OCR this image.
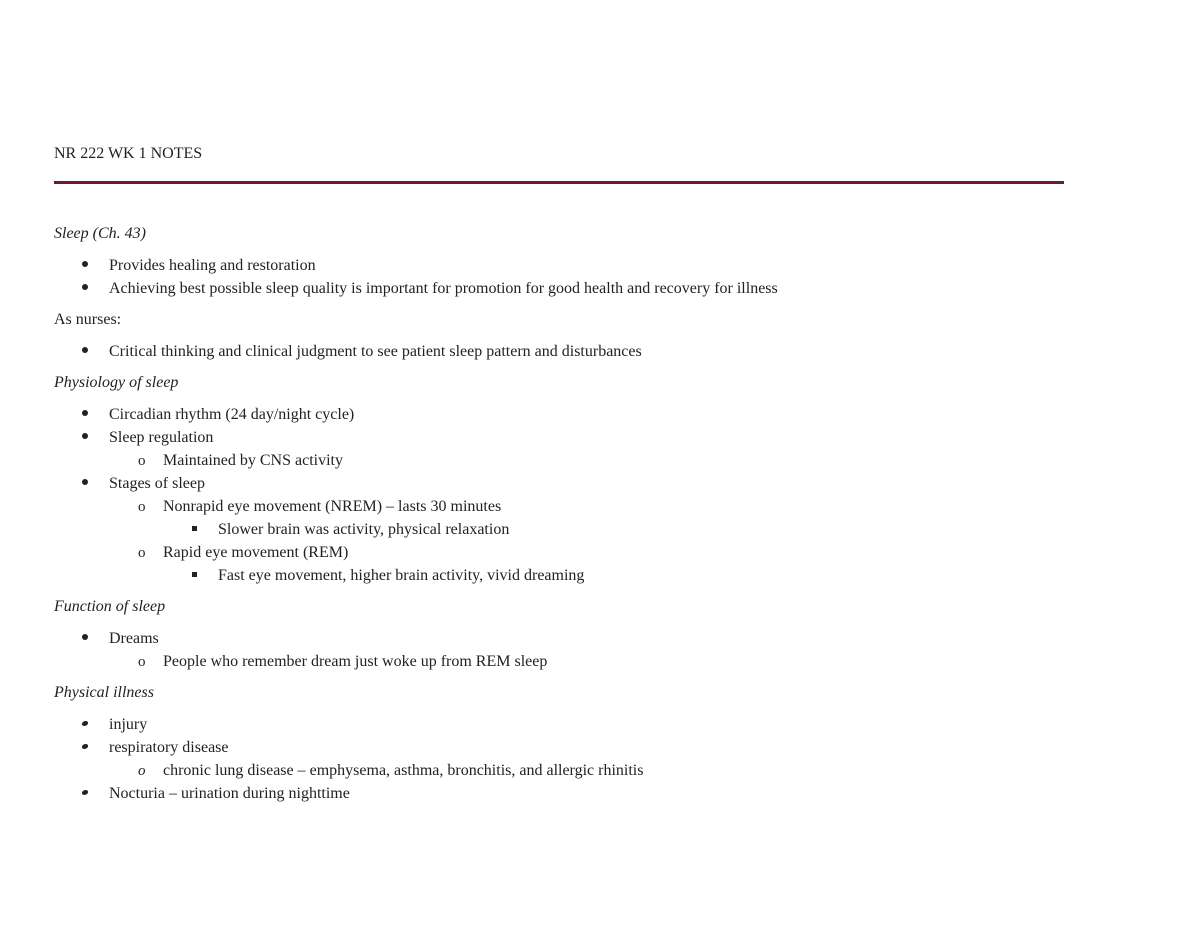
NR 222 WK 1 NOTES

Sleep (Ch. 43)

Provides healing and restoration
Achieving best possible sleep quality is important for promotion for good health and recovery for illness

As nurses:

Critical thinking and clinical judgment to see patient sleep pattern and disturbances

Physiology of sleep

Circadian rhythm (24 day/night cycle)
Sleep regulation
o Maintained by CNS activity
Stages of sleep
o Nonrapid eye movement (NREM) – lasts 30 minutes
Slower brain was activity, physical relaxation
o Rapid eye movement (REM)
Fast eye movement, higher brain activity, vivid dreaming

Function of sleep

Dreams
o People who remember dream just woke up from REM sleep

Physical illness

injury
respiratory disease
o chronic lung disease – emphysema, asthma, bronchitis, and allergic rhinitis
Nocturia – urination during nighttime
